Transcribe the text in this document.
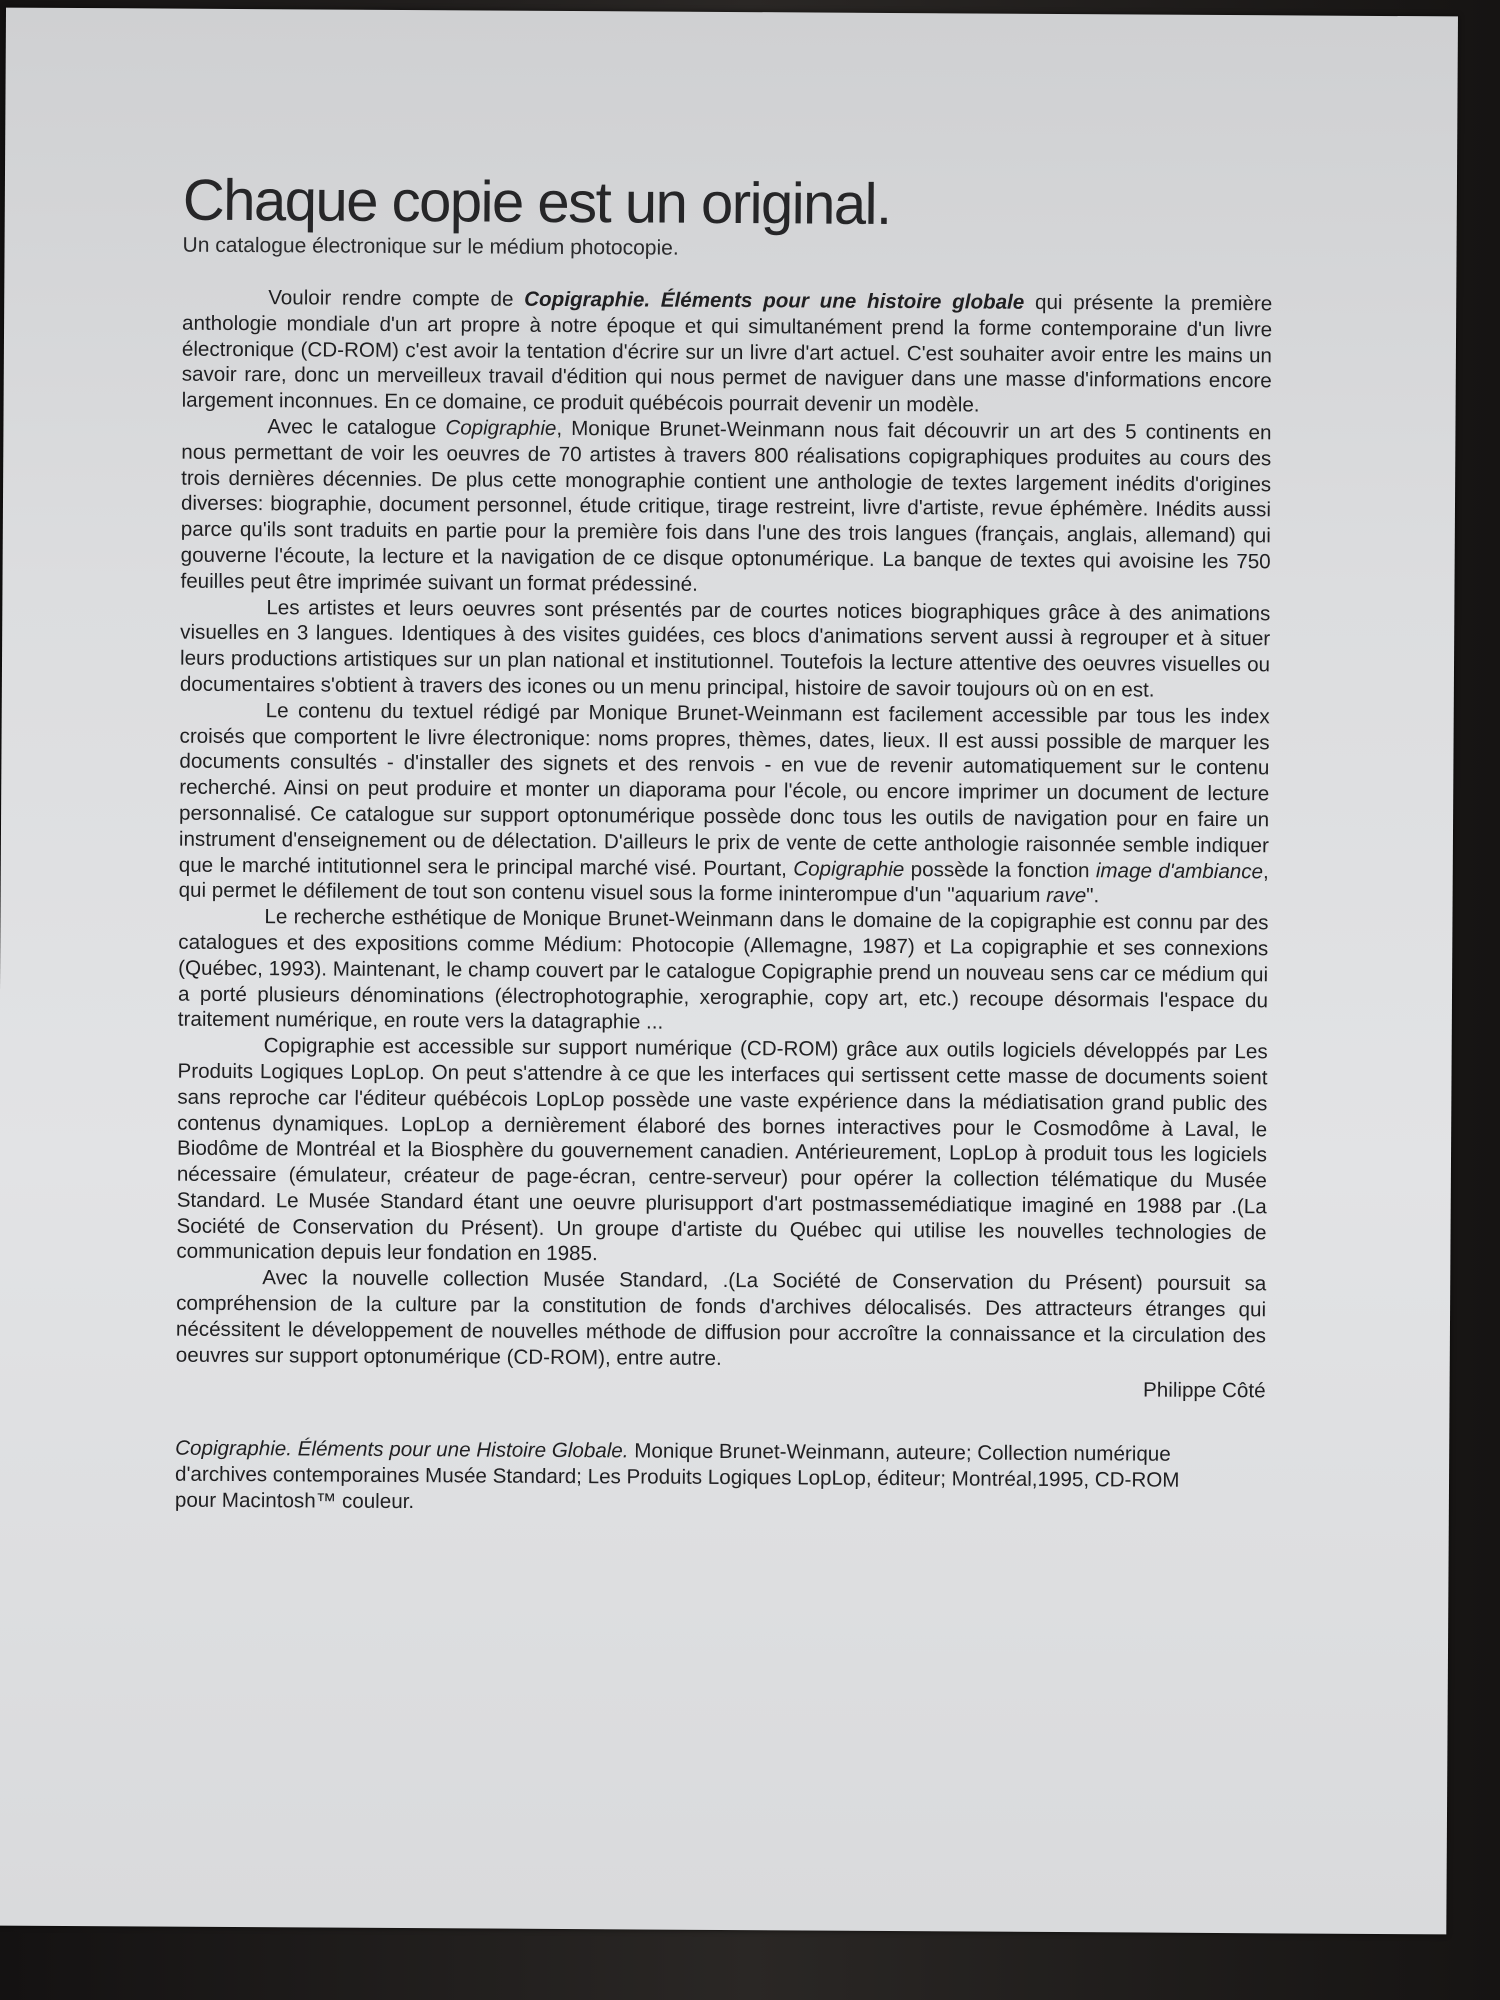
Chaque copie est un original.

Un catalogue électronique sur le médium photocopie.

Vouloir rendre compte de Copigraphie. Éléments pour une histoire globale qui présente la première anthologie mondiale d'un art propre à notre époque et qui simultanément prend la forme contemporaine d'un livre électronique (CD-ROM) c'est avoir la tentation d'écrire sur un livre d'art actuel. C'est souhaiter avoir entre les mains un savoir rare, donc un merveilleux travail d'édition qui nous permet de naviguer dans une masse d'informations encore largement inconnues. En ce domaine, ce produit québécois pourrait devenir un modèle.

Avec le catalogue Copigraphie, Monique Brunet-Weinmann nous fait découvrir un art des 5 continents en nous permettant de voir les oeuvres de 70 artistes à travers 800 réalisations copigraphiques produites au cours des trois dernières décennies. De plus cette monographie contient une anthologie de textes largement inédits d'origines diverses: biographie, document personnel, étude critique, tirage restreint, livre d'artiste, revue éphémère. Inédits aussi parce qu'ils sont traduits en partie pour la première fois dans l'une des trois langues (français, anglais, allemand) qui gouverne l'écoute, la lecture et la navigation de ce disque optonumérique. La banque de textes qui avoisine les 750 feuilles peut être imprimée suivant un format prédessiné.

Les artistes et leurs oeuvres sont présentés par de courtes notices biographiques grâce à des animations visuelles en 3 langues. Identiques à des visites guidées, ces blocs d'animations servent aussi à regrouper et à situer leurs productions artistiques sur un plan national et institutionnel. Toutefois la lecture attentive des oeuvres visuelles ou documentaires s'obtient à travers des icones ou un menu principal, histoire de savoir toujours où on en est.

Le contenu du textuel rédigé par Monique Brunet-Weinmann est facilement accessible par tous les index croisés que comportent le livre électronique: noms propres, thèmes, dates, lieux. Il est aussi possible de marquer les documents consultés - d'installer des signets et des renvois - en vue de revenir automatiquement sur le contenu recherché. Ainsi on peut produire et monter un diaporama pour l'école, ou encore imprimer un document de lecture personnalisé. Ce catalogue sur support optonumérique possède donc tous les outils de navigation pour en faire un instrument d'enseignement ou de délectation. D'ailleurs le prix de vente de cette anthologie raisonnée semble indiquer que le marché intitutionnel sera le principal marché visé. Pourtant, Copigraphie possède la fonction image d'ambiance, qui permet le défilement de tout son contenu visuel sous la forme ininterompue d'un "aquarium rave".

Le recherche esthétique de Monique Brunet-Weinmann dans le domaine de la copigraphie est connu par des catalogues et des expositions comme Médium: Photocopie (Allemagne, 1987) et La copigraphie et ses connexions (Québec, 1993). Maintenant, le champ couvert par le catalogue Copigraphie prend un nouveau sens car ce médium qui a porté plusieurs dénominations (électrophotographie, xerographie, copy art, etc.) recoupe désormais l'espace du traitement numérique, en route vers la datagraphie ...

Copigraphie est accessible sur support numérique (CD-ROM) grâce aux outils logiciels développés par Les Produits Logiques LopLop. On peut s'attendre à ce que les interfaces qui sertissent cette masse de documents soient sans reproche car l'éditeur québécois LopLop possède une vaste expérience dans la médiatisation grand public des contenus dynamiques. LopLop a dernièrement élaboré des bornes interactives pour le Cosmodôme à Laval, le Biodôme de Montréal et la Biosphère du gouvernement canadien. Antérieurement, LopLop à produit tous les logiciels nécessaire (émulateur, créateur de page-écran, centre-serveur) pour opérer la collection télématique du Musée Standard. Le Musée Standard étant une oeuvre plurisupport d'art postmassemédiatique imaginé en 1988 par .(La Société de Conservation du Présent). Un groupe d'artiste du Québec qui utilise les nouvelles technologies de communication depuis leur fondation en 1985.

Avec la nouvelle collection Musée Standard, .(La Société de Conservation du Présent) poursuit sa compréhension de la culture par la constitution de fonds d'archives délocalisés. Des attracteurs étranges qui nécéssitent le développement de nouvelles méthode de diffusion pour accroître la connaissance et la circulation des oeuvres sur support optonumérique (CD-ROM), entre autre.

Philippe Côté

Copigraphie. Éléments pour une Histoire Globale. Monique Brunet-Weinmann, auteure; Collection numérique d'archives contemporaines Musée Standard; Les Produits Logiques LopLop, éditeur; Montréal,1995, CD-ROM pour Macintosh™ couleur.
